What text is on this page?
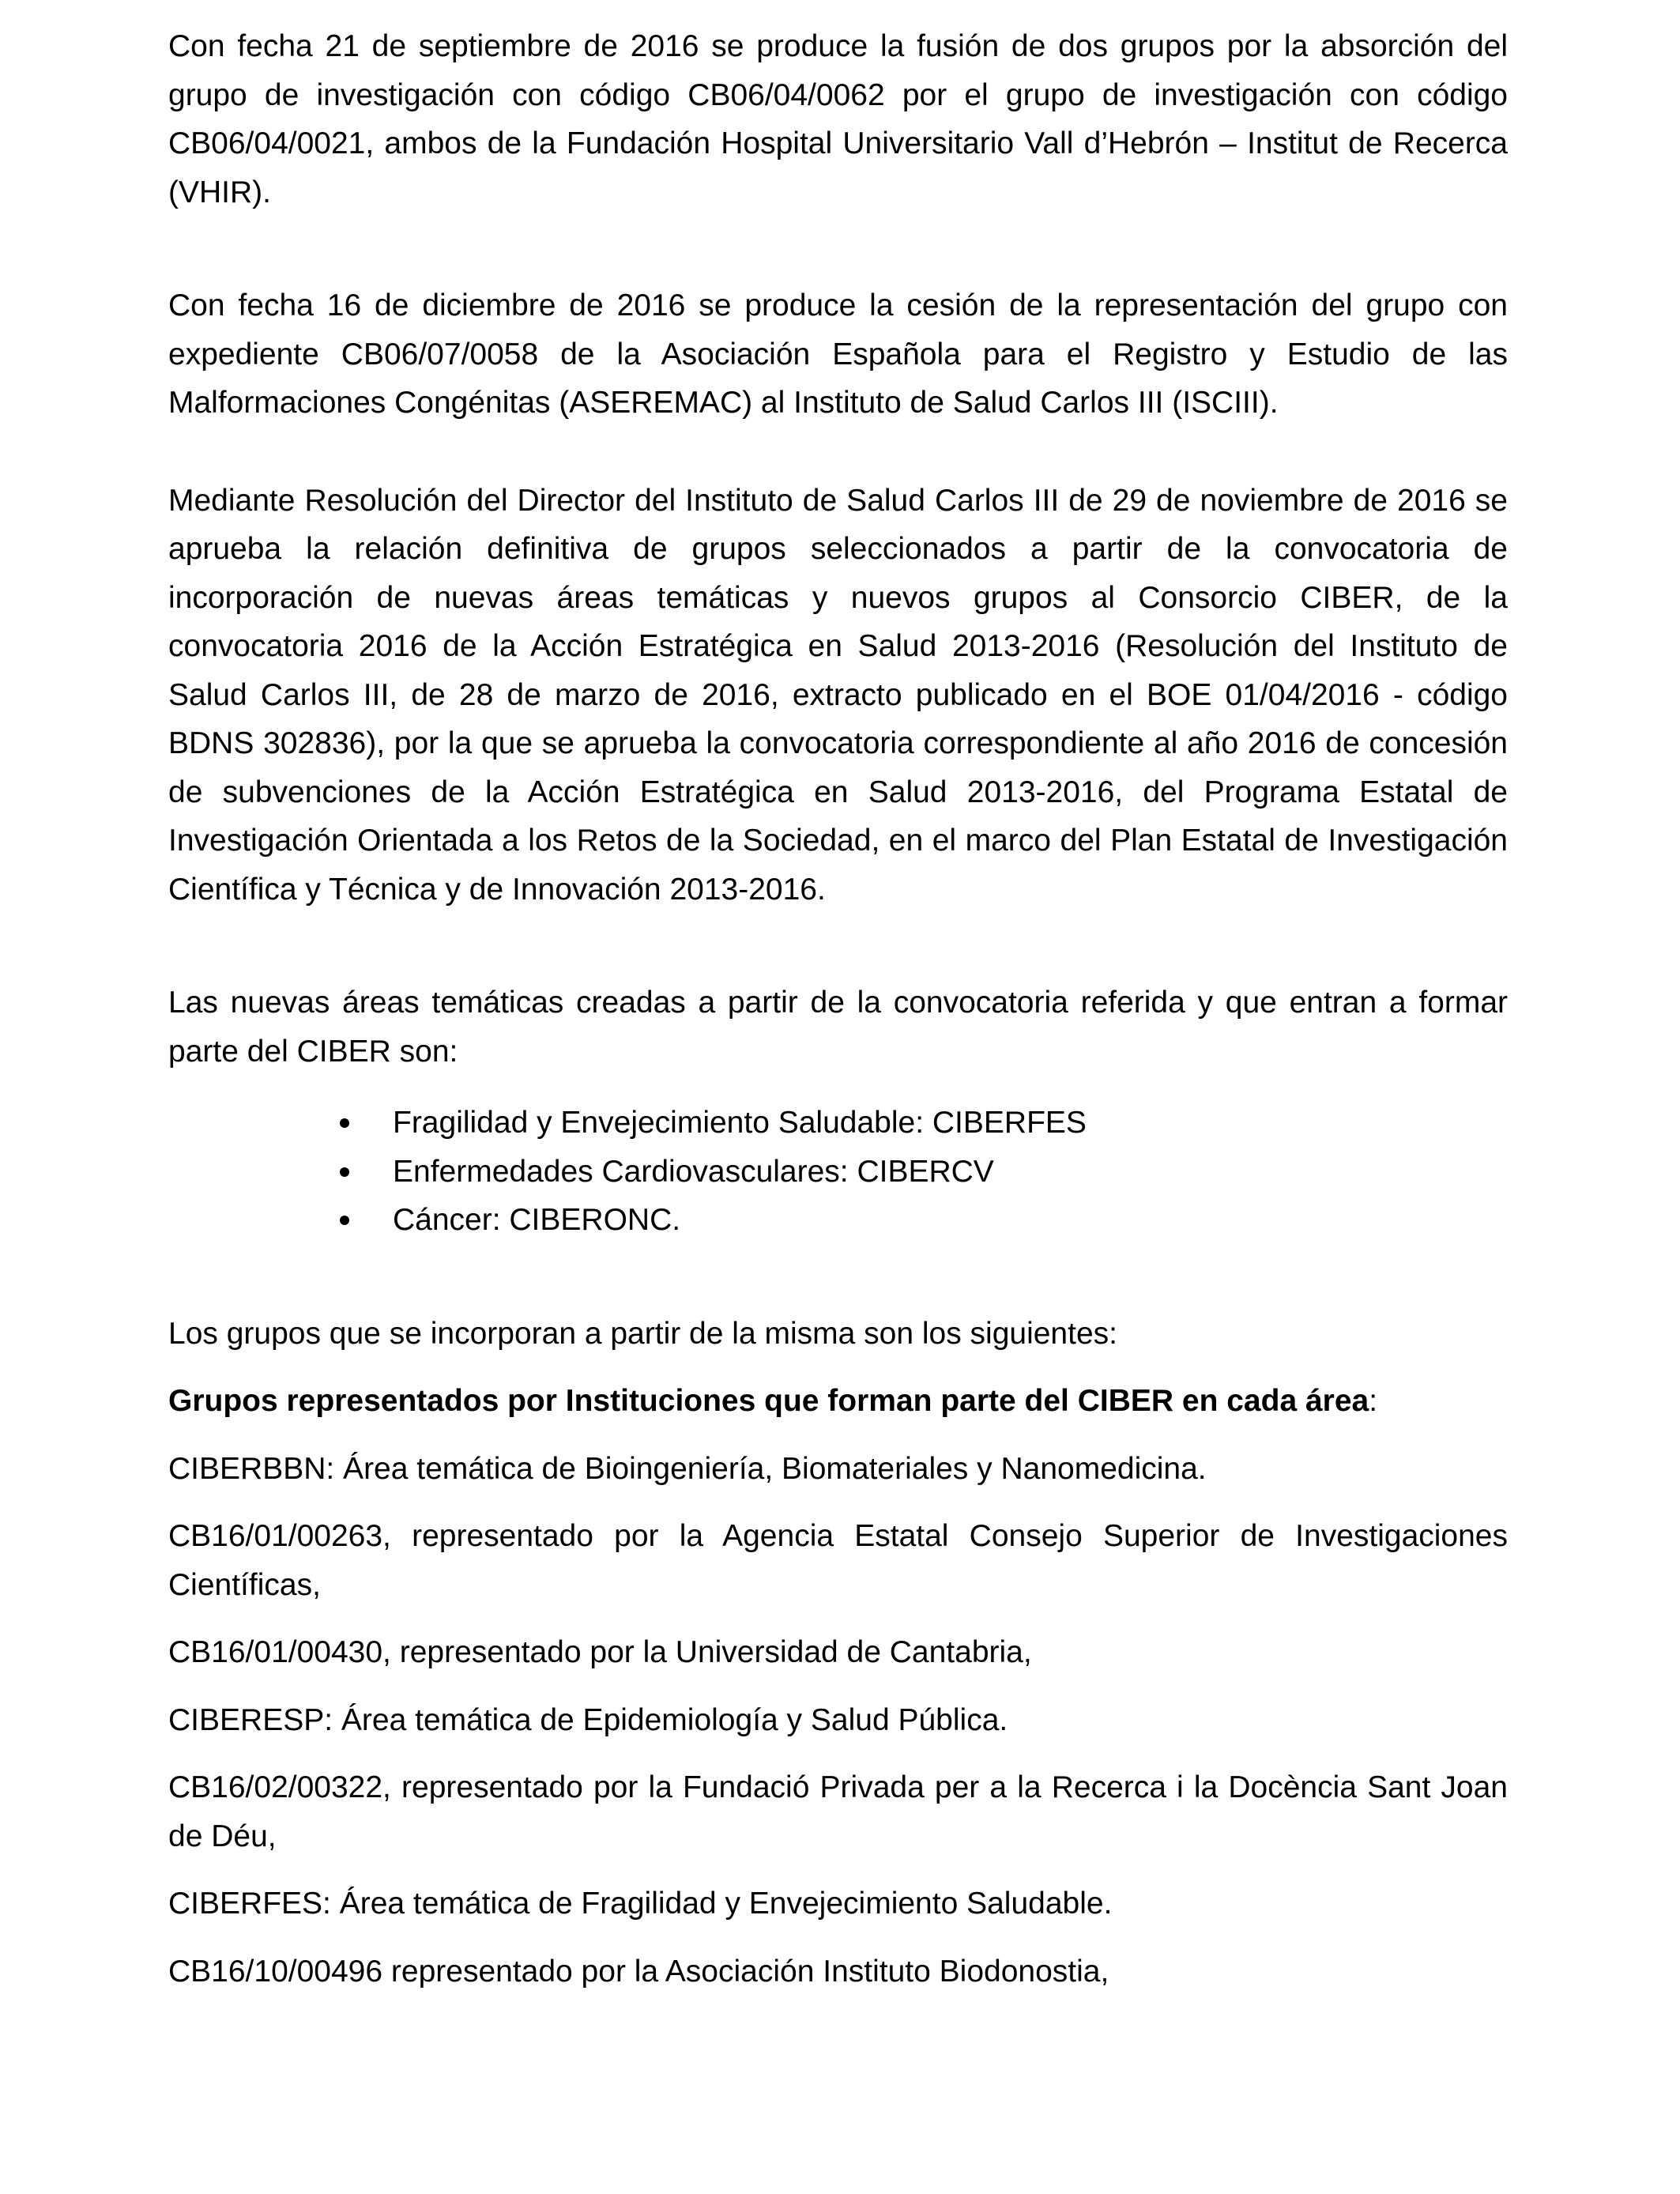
Con fecha 21 de septiembre de 2016 se produce la fusión de dos grupos por la absorción del grupo de investigación con código CB06/04/0062 por el grupo de investigación con código CB06/04/0021, ambos de la Fundación Hospital Universitario Vall d’Hebrón – Institut de Recerca (VHIR).

Con fecha 16 de diciembre de 2016 se produce la cesión de la representación del grupo con expediente CB06/07/0058 de la Asociación Española para el Registro y Estudio de las Malformaciones Congénitas (ASEREMAC) al Instituto de Salud Carlos III (ISCIII).

Mediante Resolución del Director del Instituto de Salud Carlos III de 29 de noviembre de 2016 se aprueba la relación definitiva de grupos seleccionados a partir de la convocatoria de incorporación de nuevas áreas temáticas y nuevos grupos al Consorcio CIBER, de la convocatoria 2016 de la Acción Estratégica en Salud 2013-2016 (Resolución del Instituto de Salud Carlos III, de 28 de marzo de 2016, extracto publicado en el BOE 01/04/2016 - código BDNS 302836), por la que se aprueba la convocatoria correspondiente al año 2016 de concesión de subvenciones de la Acción Estratégica en Salud 2013-2016, del Programa Estatal de Investigación Orientada a los Retos de la Sociedad, en el marco del Plan Estatal de Investigación Científica y Técnica y de Innovación 2013-2016.

Las nuevas áreas temáticas creadas a partir de la convocatoria referida y que entran a formar parte del CIBER son:

Fragilidad y Envejecimiento Saludable: CIBERFES
Enfermedades Cardiovasculares: CIBERCV
Cáncer: CIBERONC.

Los grupos que se incorporan a partir de la misma son los siguientes:

Grupos representados por Instituciones que forman parte del CIBER en cada área:

CIBERBBN: Área temática de Bioingeniería, Biomateriales y Nanomedicina.

CB16/01/00263, representado por la Agencia Estatal Consejo Superior de Investigaciones Científicas,

CB16/01/00430, representado por la Universidad de Cantabria,

CIBERESP: Área temática de Epidemiología y Salud Pública.

CB16/02/00322, representado por la Fundació Privada per a la Recerca i la Docència Sant Joan de Déu,

CIBERFES: Área temática de Fragilidad y Envejecimiento Saludable.

CB16/10/00496 representado por la Asociación Instituto Biodonostia,
